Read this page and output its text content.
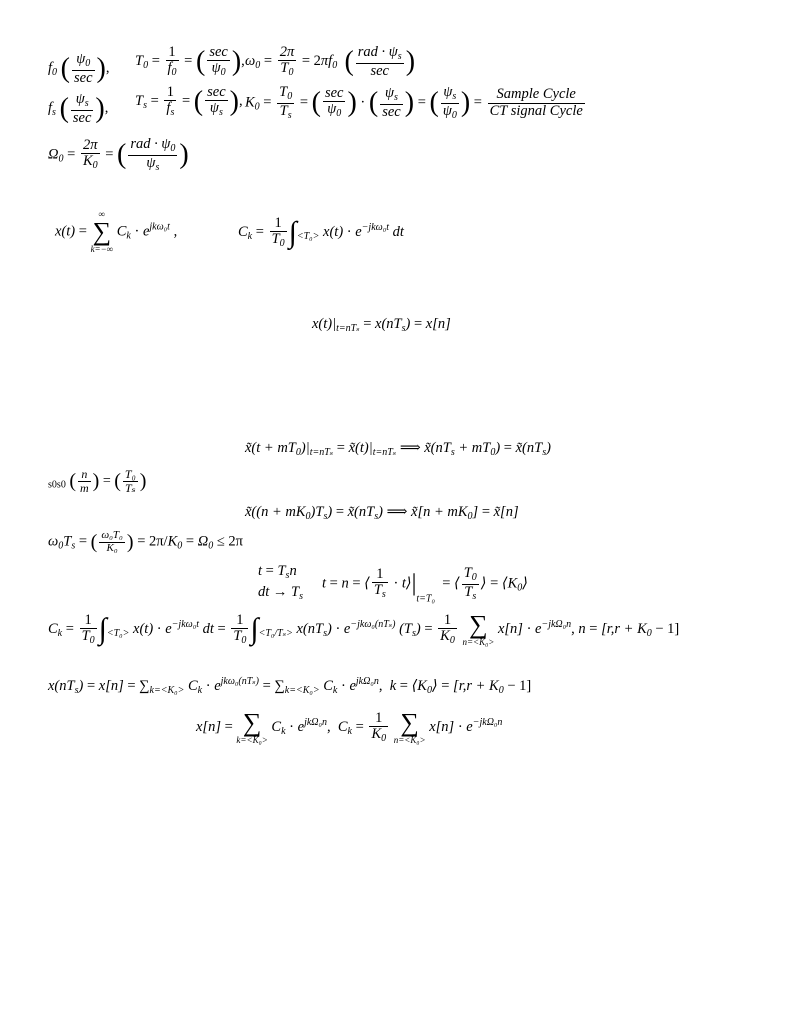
$f_0$ ( $\frac{\psi_0}{\sec}$ ), $T_0 = \frac{1}{f_0}$ = ( $\frac{\sec}{\psi_0}$ ), $\omega_0 = \frac{2\pi}{T_0} = 2\pi f_0$ ( $\frac{rad \cdot \psi_s}{\sec}$ )
$f_s$ ( $\frac{\psi_s}{\sec}$ ), $T_s = \frac{1}{f_s}$ = ( $\frac{\sec}{\psi_s}$ ), $K_0 = \frac{T_0}{T_s}$ = ( $\frac{\sec}{\psi_0}$ ) · ( $\frac{\psi_s}{\sec}$ ) = ( $\frac{\psi_s}{\psi_0}$ ) = $\frac{\text{Sample Cycle}}{\text{CT signal Cycle}}$
$\Omega_0 = \frac{2\pi}{K_0}$ = ( $\frac{rad \cdot \psi_0}{\psi_s}$ )
x(t) =
∞
∑
k=−∞
$C_k \cdot e^{jk\omega_0t}$ ,	$C_k = \frac{1}{T_0} \int_{<T_0>}$ $x(t) \cdot e^{-jk\omega_0t}$ dt
$x(t)|_{t=nT_s} = x(nT_s) = x[n]$
x̃(t + $mT_0)|_{t=nT_s}$ = $x̃(t)|_{t=nT_s}$ ⟹ $x̃(nT_s + mT_0)$ = $x̃(nT_s)$
$_{s0s0}$ ( $\frac{n}{m}$ ) = ( $\frac{\text{T₀}}{\text{Tₛ}}$ )
x̃((n + $mK_0)T_s$) = $x̃(nT_s)$ ⟹ x̃[n + $mK_0$] = x̃[n]
$\omega_0T_s$ = ( $\frac{\text{ω₀T₀}}{\text{K₀}}$ ) = $2\pi/K_0 = \Omega_0 \le 2\pi$
$t = T_sn$
dt → $T_s$
t = n = ⟨ $\frac{1}{T_s}$ · $t⟩|_{t=T_0}$  = ⟨ $\frac{T_0}{T_s}$ ⟩ = $⟨K_0⟩$
$C_k = \frac{1}{T_0} \int_{<T_0>}$ $x(t) \cdot e^{-jk\omega_0t}$ dt = $\frac{1}{T_0} \int_{<T_0/T_s>}$ $x(nT_s) \cdot e^{-jk\omega_0(nT_s)}$ $(T_s) = \frac{1}{K_0}$
∑
n=<K₀>
$x[n] \cdot e^{-jk\Omega_0n}$, $n = [r,r + K_0 - 1]$
$x(nT_s) = x[n] = \sum_{k=<K_0>}$ $C_k \cdot e^{jk\omega_0(nT_s)} = \sum_{k=<K_0>}$ $C_k \cdot e^{jk\Omega_0n}$,  $k = ⟨K_0⟩ = [r,r + K_0 - 1]$
x[n] = ∑
k=<K₀>
$C_k \cdot e^{jk\Omega_0n}$,  $C_k = \frac{1}{K_0}$
∑
n=<K₀>
$x[n] \cdot e^{-jk\Omega_0n}$
